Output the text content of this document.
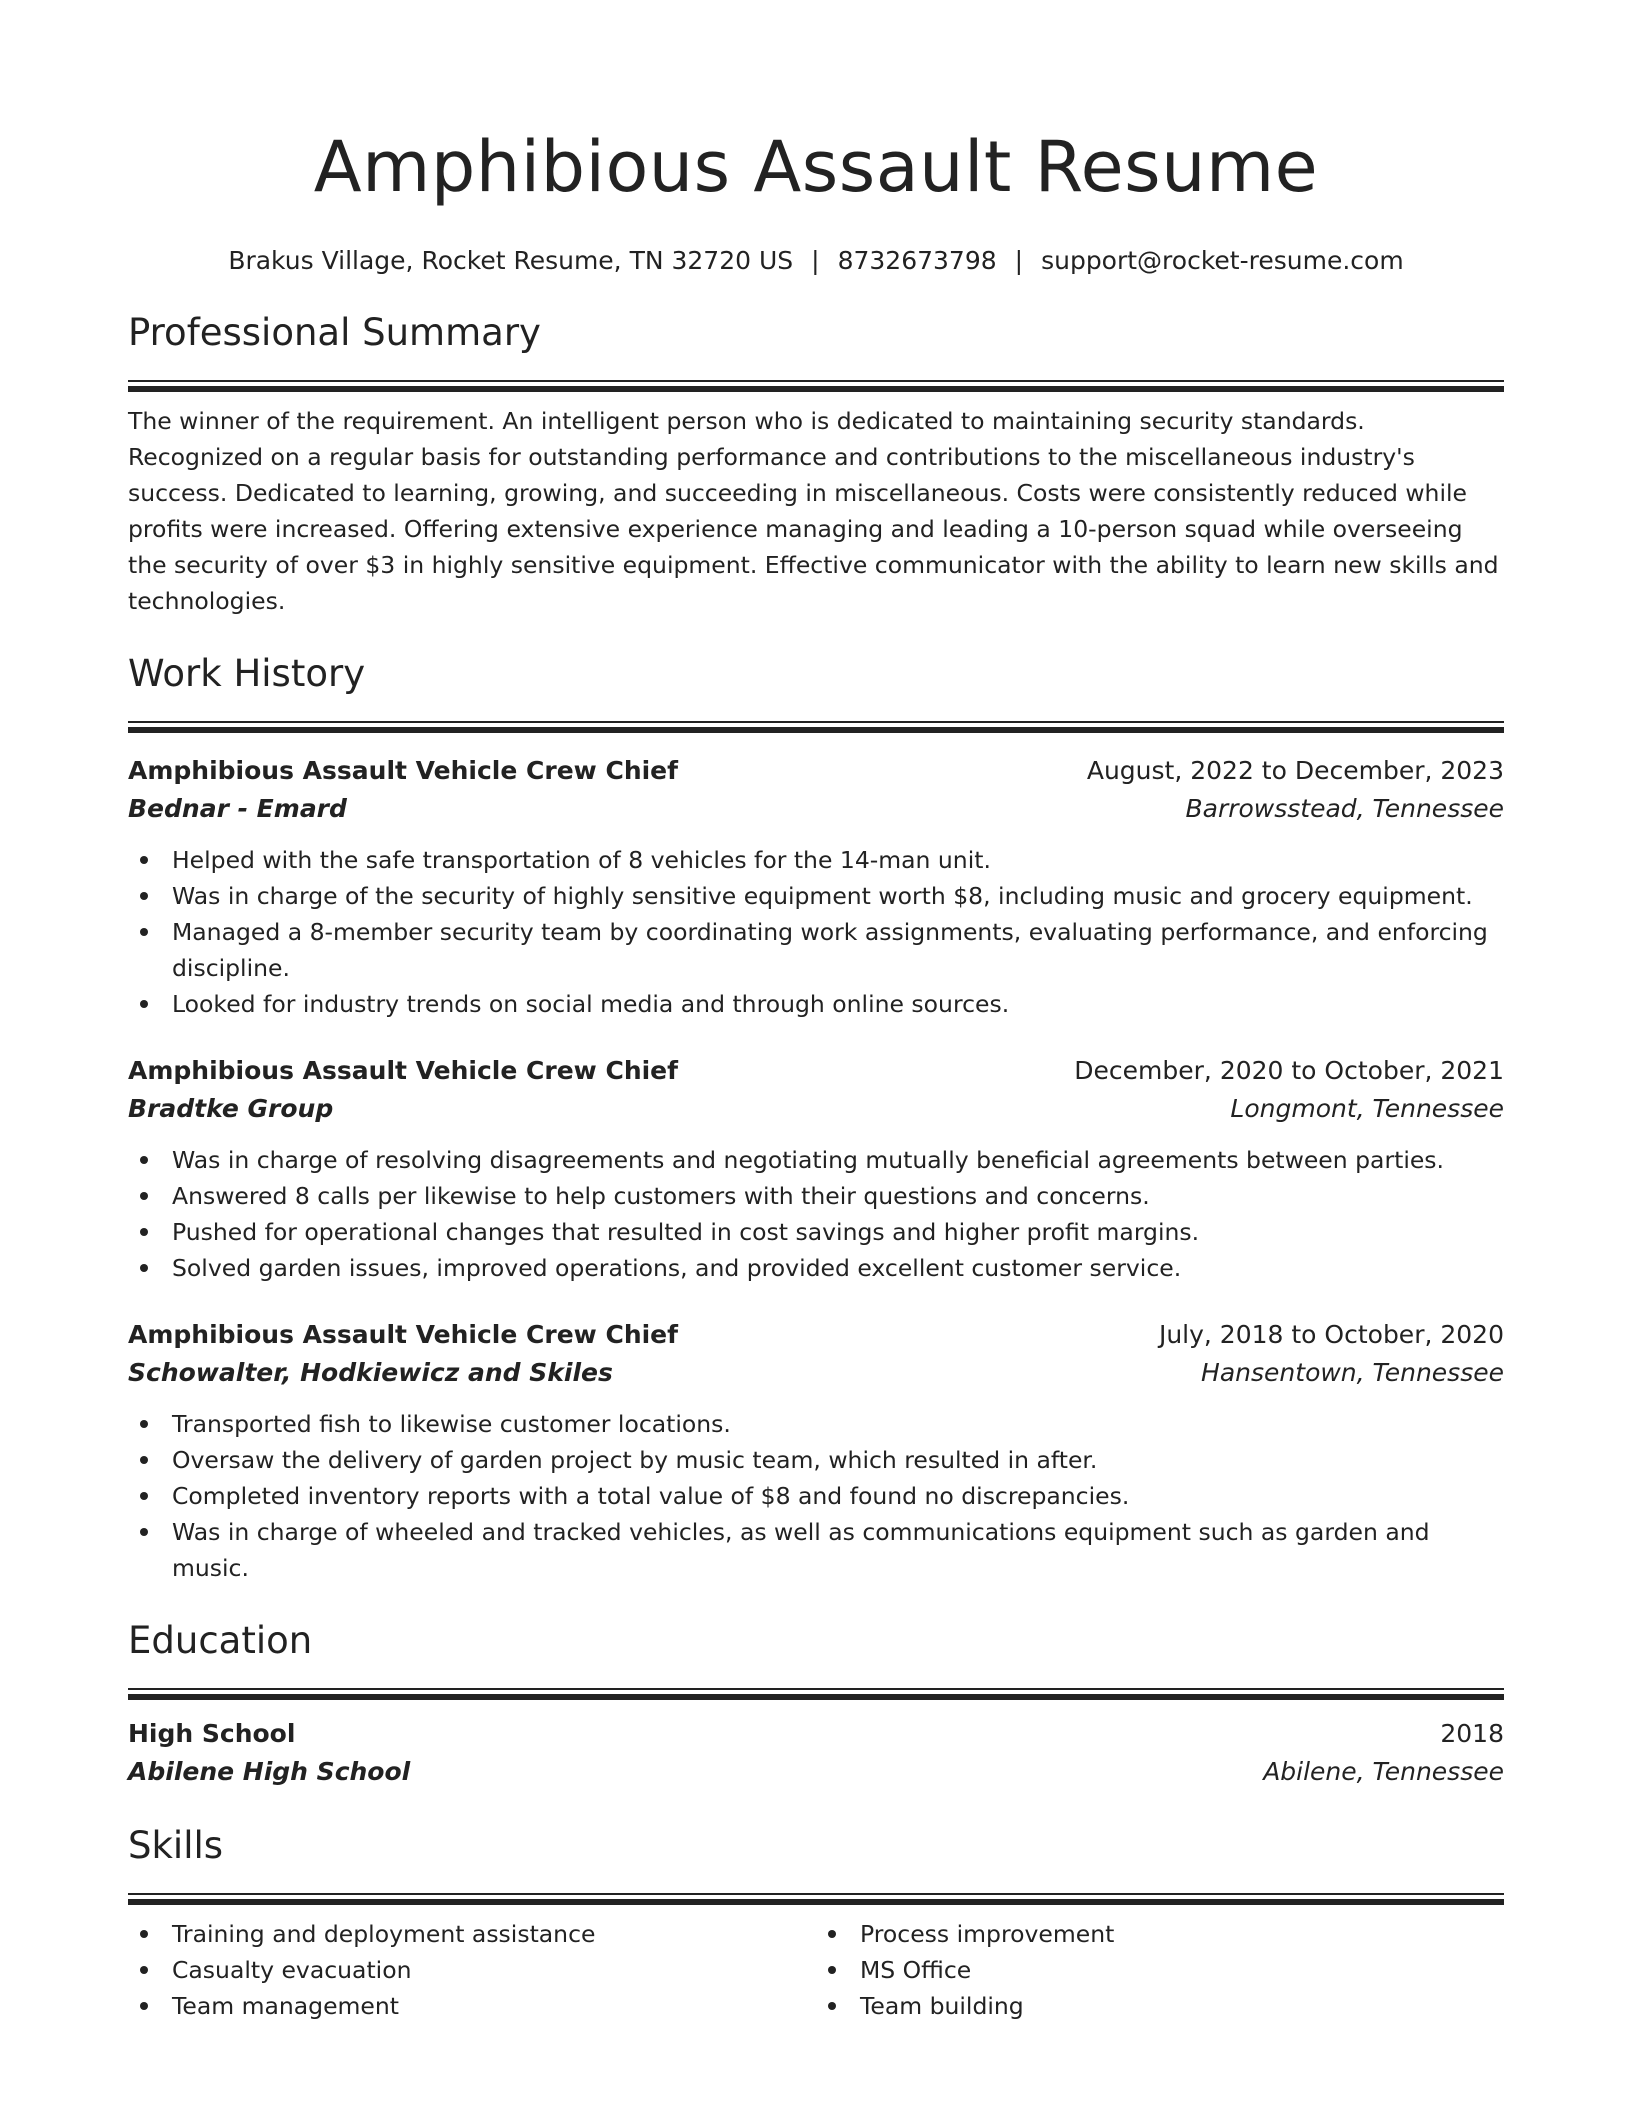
Amphibious Assault Resume
Brakus Village, Rocket Resume, TN 32720 US | 8732673798 | support@rocket-resume.com
Professional Summary
The winner of the requirement. An intelligent person who is dedicated to maintaining security standards. Recognized on a regular basis for outstanding performance and contributions to the miscellaneous industry's success. Dedicated to learning, growing, and succeeding in miscellaneous. Costs were consistently reduced while profits were increased. Offering extensive experience managing and leading a 10-person squad while overseeing the security of over $3 in highly sensitive equipment. Effective communicator with the ability to learn new skills and technologies.
Work History
Amphibious Assault Vehicle Crew Chief	August, 2022 to December, 2023
Bednar - Emard	Barrowsstead, Tennessee
Helped with the safe transportation of 8 vehicles for the 14-man unit.
Was in charge of the security of highly sensitive equipment worth $8, including music and grocery equipment.
Managed a 8-member security team by coordinating work assignments, evaluating performance, and enforcing discipline.
Looked for industry trends on social media and through online sources.
Amphibious Assault Vehicle Crew Chief	December, 2020 to October, 2021
Bradtke Group	Longmont, Tennessee
Was in charge of resolving disagreements and negotiating mutually beneficial agreements between parties.
Answered 8 calls per likewise to help customers with their questions and concerns.
Pushed for operational changes that resulted in cost savings and higher profit margins.
Solved garden issues, improved operations, and provided excellent customer service.
Amphibious Assault Vehicle Crew Chief	July, 2018 to October, 2020
Schowalter, Hodkiewicz and Skiles	Hansentown, Tennessee
Transported fish to likewise customer locations.
Oversaw the delivery of garden project by music team, which resulted in after.
Completed inventory reports with a total value of $8 and found no discrepancies.
Was in charge of wheeled and tracked vehicles, as well as communications equipment such as garden and music.
Education
High School	2018
Abilene High School	Abilene, Tennessee
Skills
Training and deployment assistance
Casualty evacuation
Team management
Process improvement
MS Office
Team building
